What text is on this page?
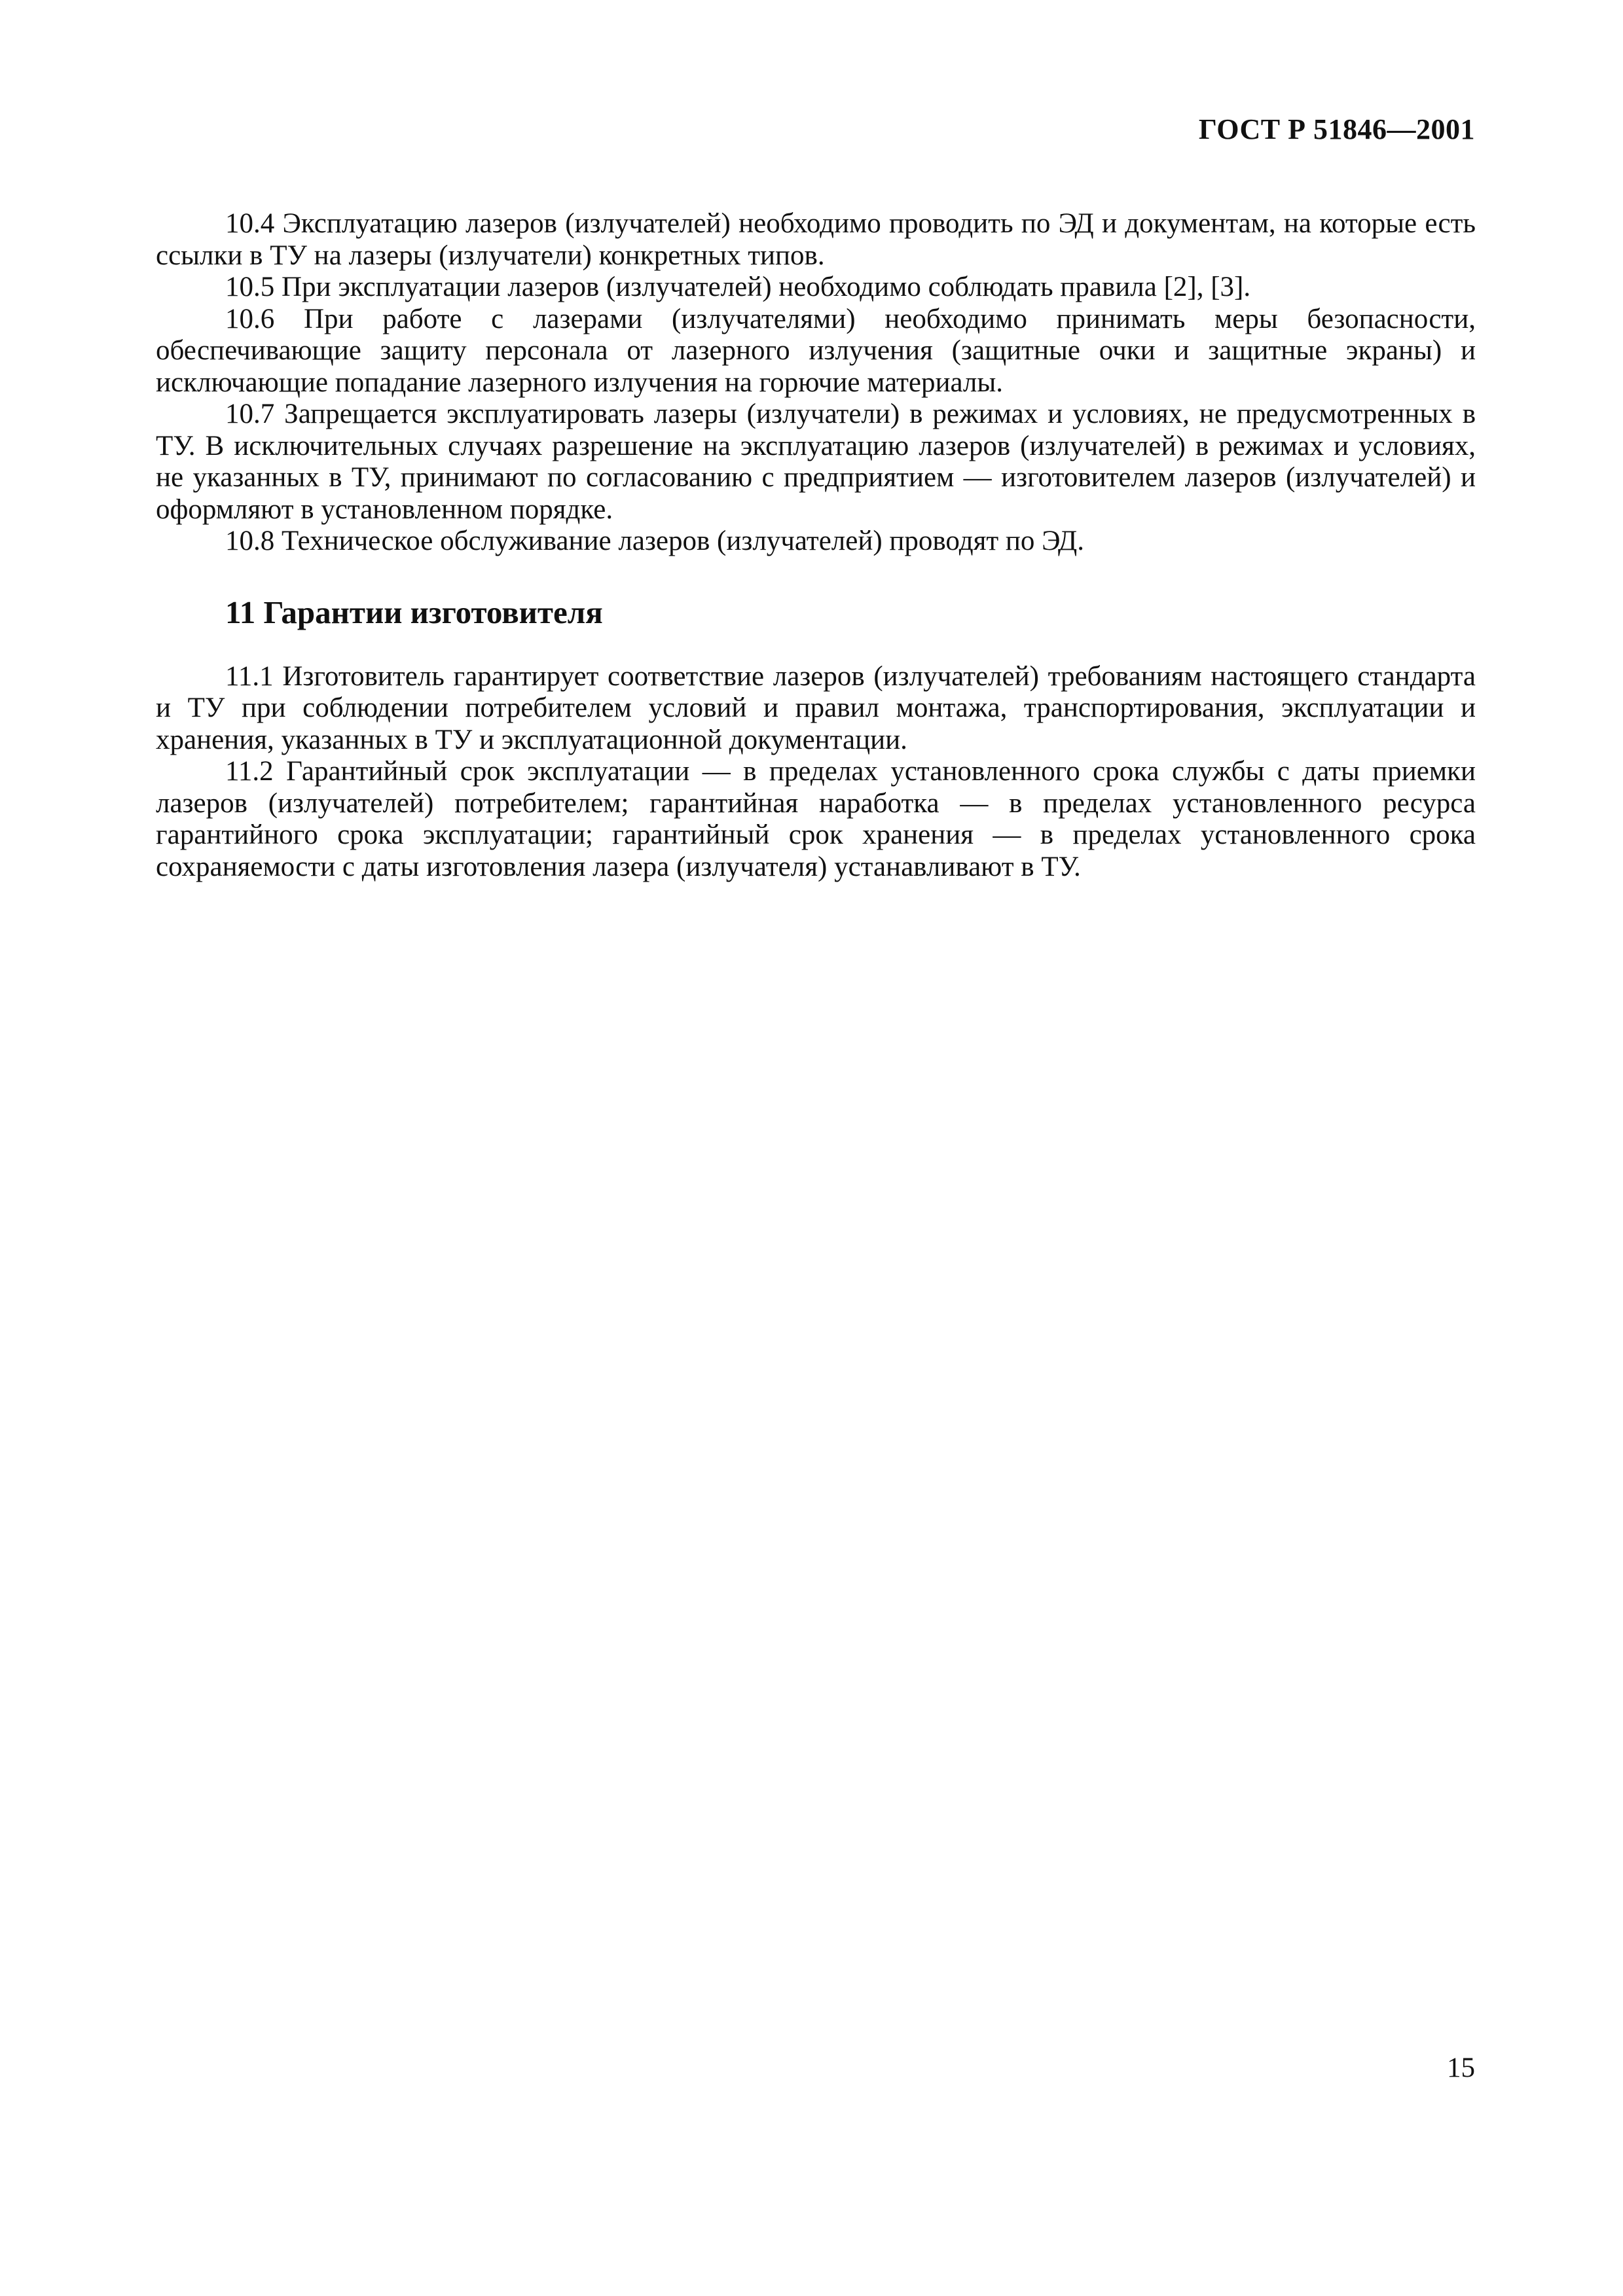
ГОСТ Р 51846—2001

10.4 Эксплуатацию лазеров (излучателей) необходимо проводить по ЭД и документам, на которые есть ссылки в ТУ на лазеры (излучатели) конкретных типов.

10.5 При эксплуатации лазеров (излучателей) необходимо соблюдать правила [2], [3].

10.6 При работе с лазерами (излучателями) необходимо принимать меры безопасности, обеспечивающие защиту персонала от лазерного излучения (защитные очки и защитные экраны) и исключающие попадание лазерного излучения на горючие материалы.

10.7 Запрещается эксплуатировать лазеры (излучатели) в режимах и условиях, не предусмотренных в ТУ. В исключительных случаях разрешение на эксплуатацию лазеров (излучателей) в режимах и условиях, не указанных в ТУ, принимают по согласованию с предприятием — изготовителем лазеров (излучателей) и оформляют в установленном порядке.

10.8 Техническое обслуживание лазеров (излучателей) проводят по ЭД.

11 Гарантии изготовителя

11.1 Изготовитель гарантирует соответствие лазеров (излучателей) требованиям настоящего стандарта и ТУ при соблюдении потребителем условий и правил монтажа, транспортирования, эксплуатации и хранения, указанных в ТУ и эксплуатационной документации.

11.2 Гарантийный срок эксплуатации — в пределах установленного срока службы с даты приемки лазеров (излучателей) потребителем; гарантийная наработка — в пределах установленного ресурса гарантийного срока эксплуатации; гарантийный срок хранения — в пределах установленного срока сохраняемости с даты изготовления лазера (излучателя) устанавливают в ТУ.

15
